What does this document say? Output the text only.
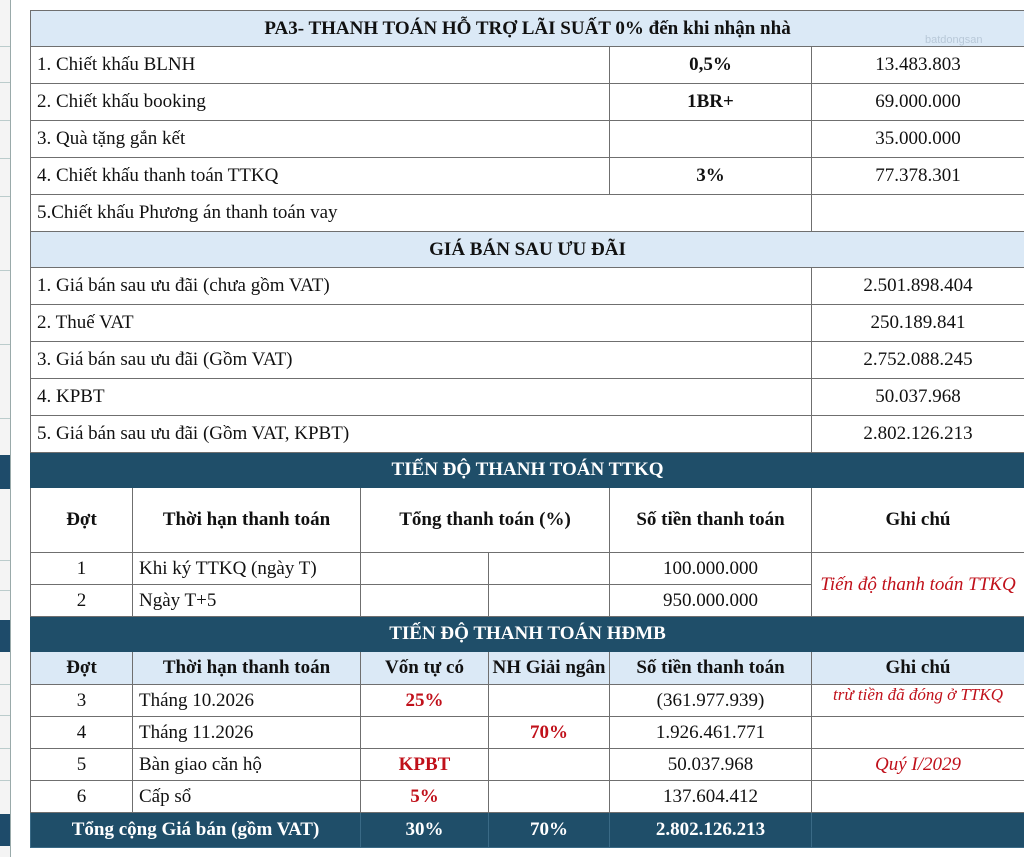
PA3- THANH TOÁN HỖ TRỢ LÃI SUẤT 0% đến khi nhận nhà					
1. Chiết khấu BLNH				0,5%	13.483.803
2. Chiết khấu booking				1BR+	69.000.000
3. Quà tặng gắn kết					35.000.000
4. Chiết khấu thanh toán TTKQ				3%	77.378.301
5.Chiết khấu Phương án thanh toán vay					
GIÁ BÁN SAU ƯU ĐÃI					
1. Giá bán sau ưu đãi (chưa gồm VAT)					2.501.898.404
2. Thuế VAT					250.189.841
3. Giá bán sau ưu đãi (Gồm VAT)					2.752.088.245
4. KPBT					50.037.968
5. Giá bán sau ưu đãi (Gồm VAT, KPBT)					2.802.126.213
TIẾN ĐỘ THANH TOÁN TTKQ					
Đợt	Thời hạn thanh toán	Tổng thanh toán (%)		Số tiền thanh toán	Ghi chú
1	Khi ký TTKQ (ngày T)			100.000.000	Tiến độ thanh toán TTKQ
2	Ngày T+5			950.000.000	
TIẾN ĐỘ THANH TOÁN HĐMB					
Đợt	Thời hạn thanh toán	Vốn tự có	NH Giải ngân	Số tiền thanh toán	Ghi chú
3	Tháng 10.2026	25%		(361.977.939)	trừ tiền đã đóng ở TTKQ
4	Tháng 11.2026		70%	1.926.461.771	
5	Bàn giao căn hộ	KPBT		50.037.968	Quý I/2029
6	Cấp sổ	5%		137.604.412	
Tổng cộng Giá bán (gồm VAT)		30%	70%	2.802.126.213	
batdongsan
